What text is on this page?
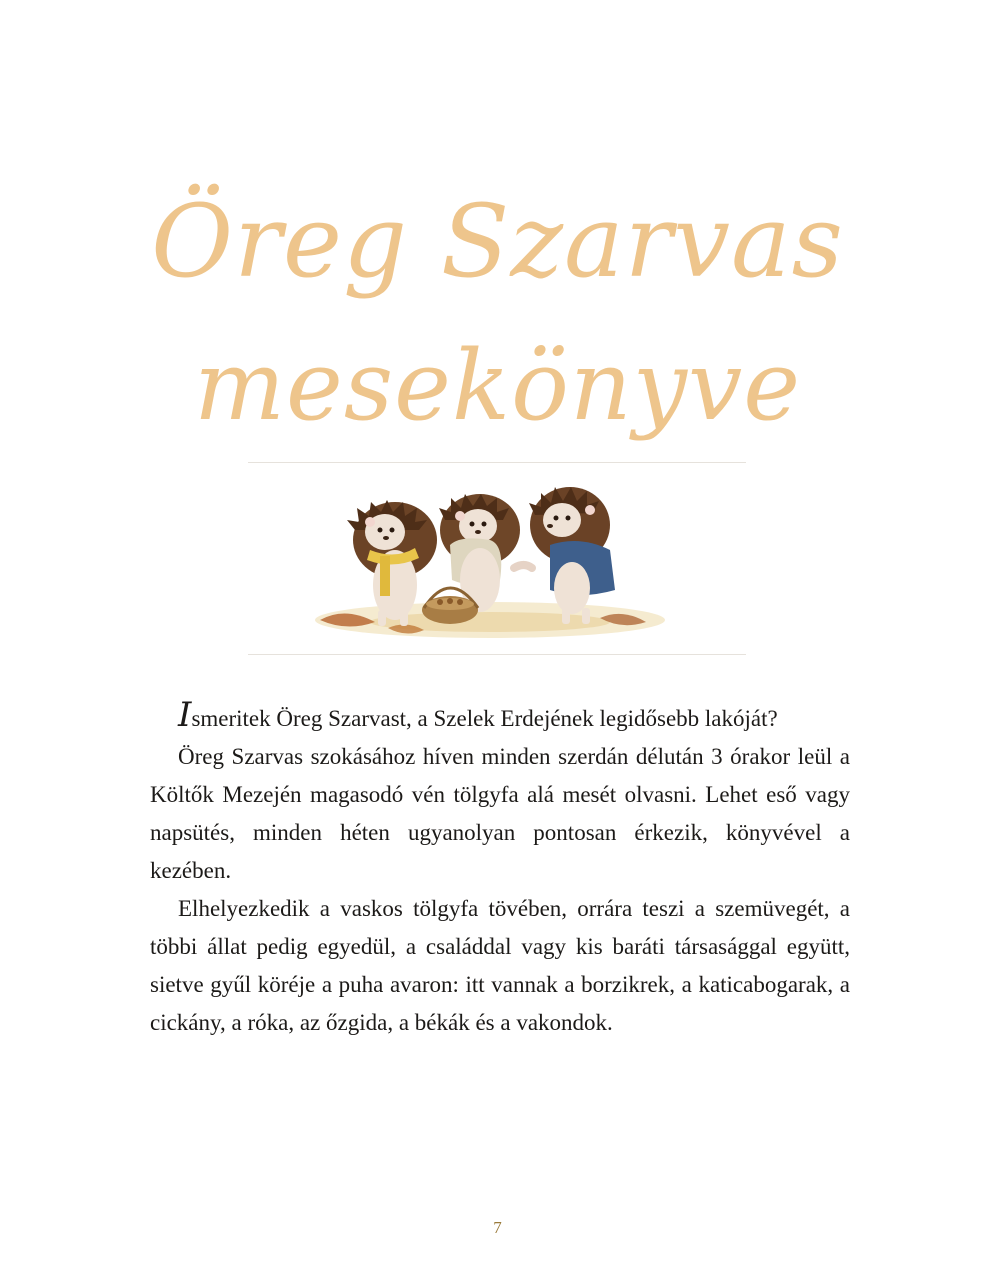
Öreg Szarvas
mesekönyve

Ismeritek Öreg Szarvast, a Szelek Erdejének legidősebb lakóját?

Öreg Szarvas szokásához híven minden szerdán délután 3 órakor leül a Költők Mezején magasodó vén tölgyfa alá mesét olvasni. Lehet eső vagy napsütés, minden héten ugyanolyan pontosan érkezik, könyvével a kezében.

Elhelyezkedik a vaskos tölgyfa tövében, orrára teszi a szemüvegét, a többi állat pedig egyedül, a családdal vagy kis baráti társasággal együtt, sietve gyűl köréje a puha avaron: itt vannak a borzikrek, a katicabogarak, a cickány, a róka, az őzgida, a békák és a vakondok.

7
